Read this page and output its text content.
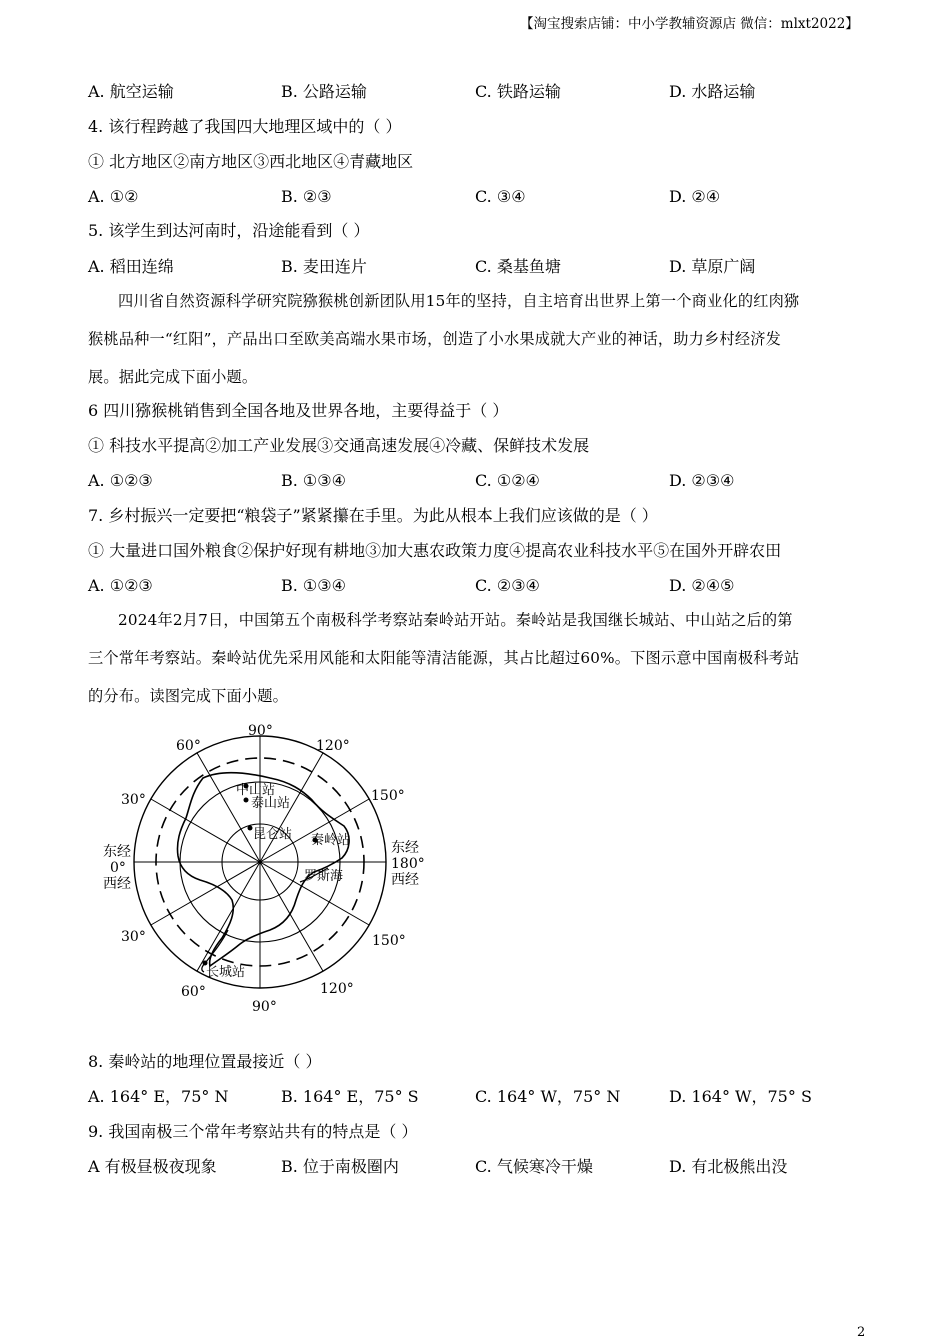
【淘宝搜索店铺：中小学教辅资源店 微信：mlxt2022】
A. 航空运输	B. 公路运输	C. 铁路运输	D. 水路运输
4. 该行程跨越了我国四大地理区域中的（ ）
① 北方地区②南方地区③西北地区④青藏地区
A. ①②	B. ②③	C. ③④	D. ②④
5. 该学生到达河南时，沿途能看到（ ）
A. 稻田连绵	B. 麦田连片	C. 桑基鱼塘	D. 草原广阔
四川省自然资源科学研究院猕猴桃创新团队用15年的坚持，自主培育出世界上第一个商业化的红肉猕
猴桃品种一“红阳”，产品出口至欧美高端水果市场，创造了小水果成就大产业的神话，助力乡村经济发
展。据此完成下面小题。
6 四川猕猴桃销售到全国各地及世界各地，主要得益于（ ）
① 科技水平提高②加工产业发展③交通高速发展④冷藏、保鲜技术发展
A. ①②③	B. ①③④	C. ①②④	D. ②③④
7. 乡村振兴一定要把“粮袋子”紧紧攥在手里。为此从根本上我们应该做的是（ ）
① 大量进口国外粮食②保护好现有耕地③加大惠农政策力度④提高农业科技水平⑤在国外开辟农田
A. ①②③	B. ①③④	C. ②③④	D. ②④⑤
2024年2月7日，中国第五个南极科学考察站秦岭站开站。秦岭站是我国继长城站、中山站之后的第
三个常年考察站。秦岭站优先采用风能和太阳能等清洁能源，其占比超过60%。下图示意中国南极科考站
的分布。读图完成下面小题。
中山站
泰山站
昆仑站 秦岭站
罗斯海
长城站
90°
60°	120°
30°	150°
东经
0°
西经
东经
180°
西经
30°	150°
60°
90°
120°
8. 秦岭站的地理位置最接近（ ）
A. 164° E，75° N	B. 164° E，75° S	C. 164° W，75° N	D. 164° W，75° S
9. 我国南极三个常年考察站共有的特点是（ ）
A 有极昼极夜现象	B. 位于南极圈内	C. 气候寒冷干燥	D. 有北极熊出没
2
